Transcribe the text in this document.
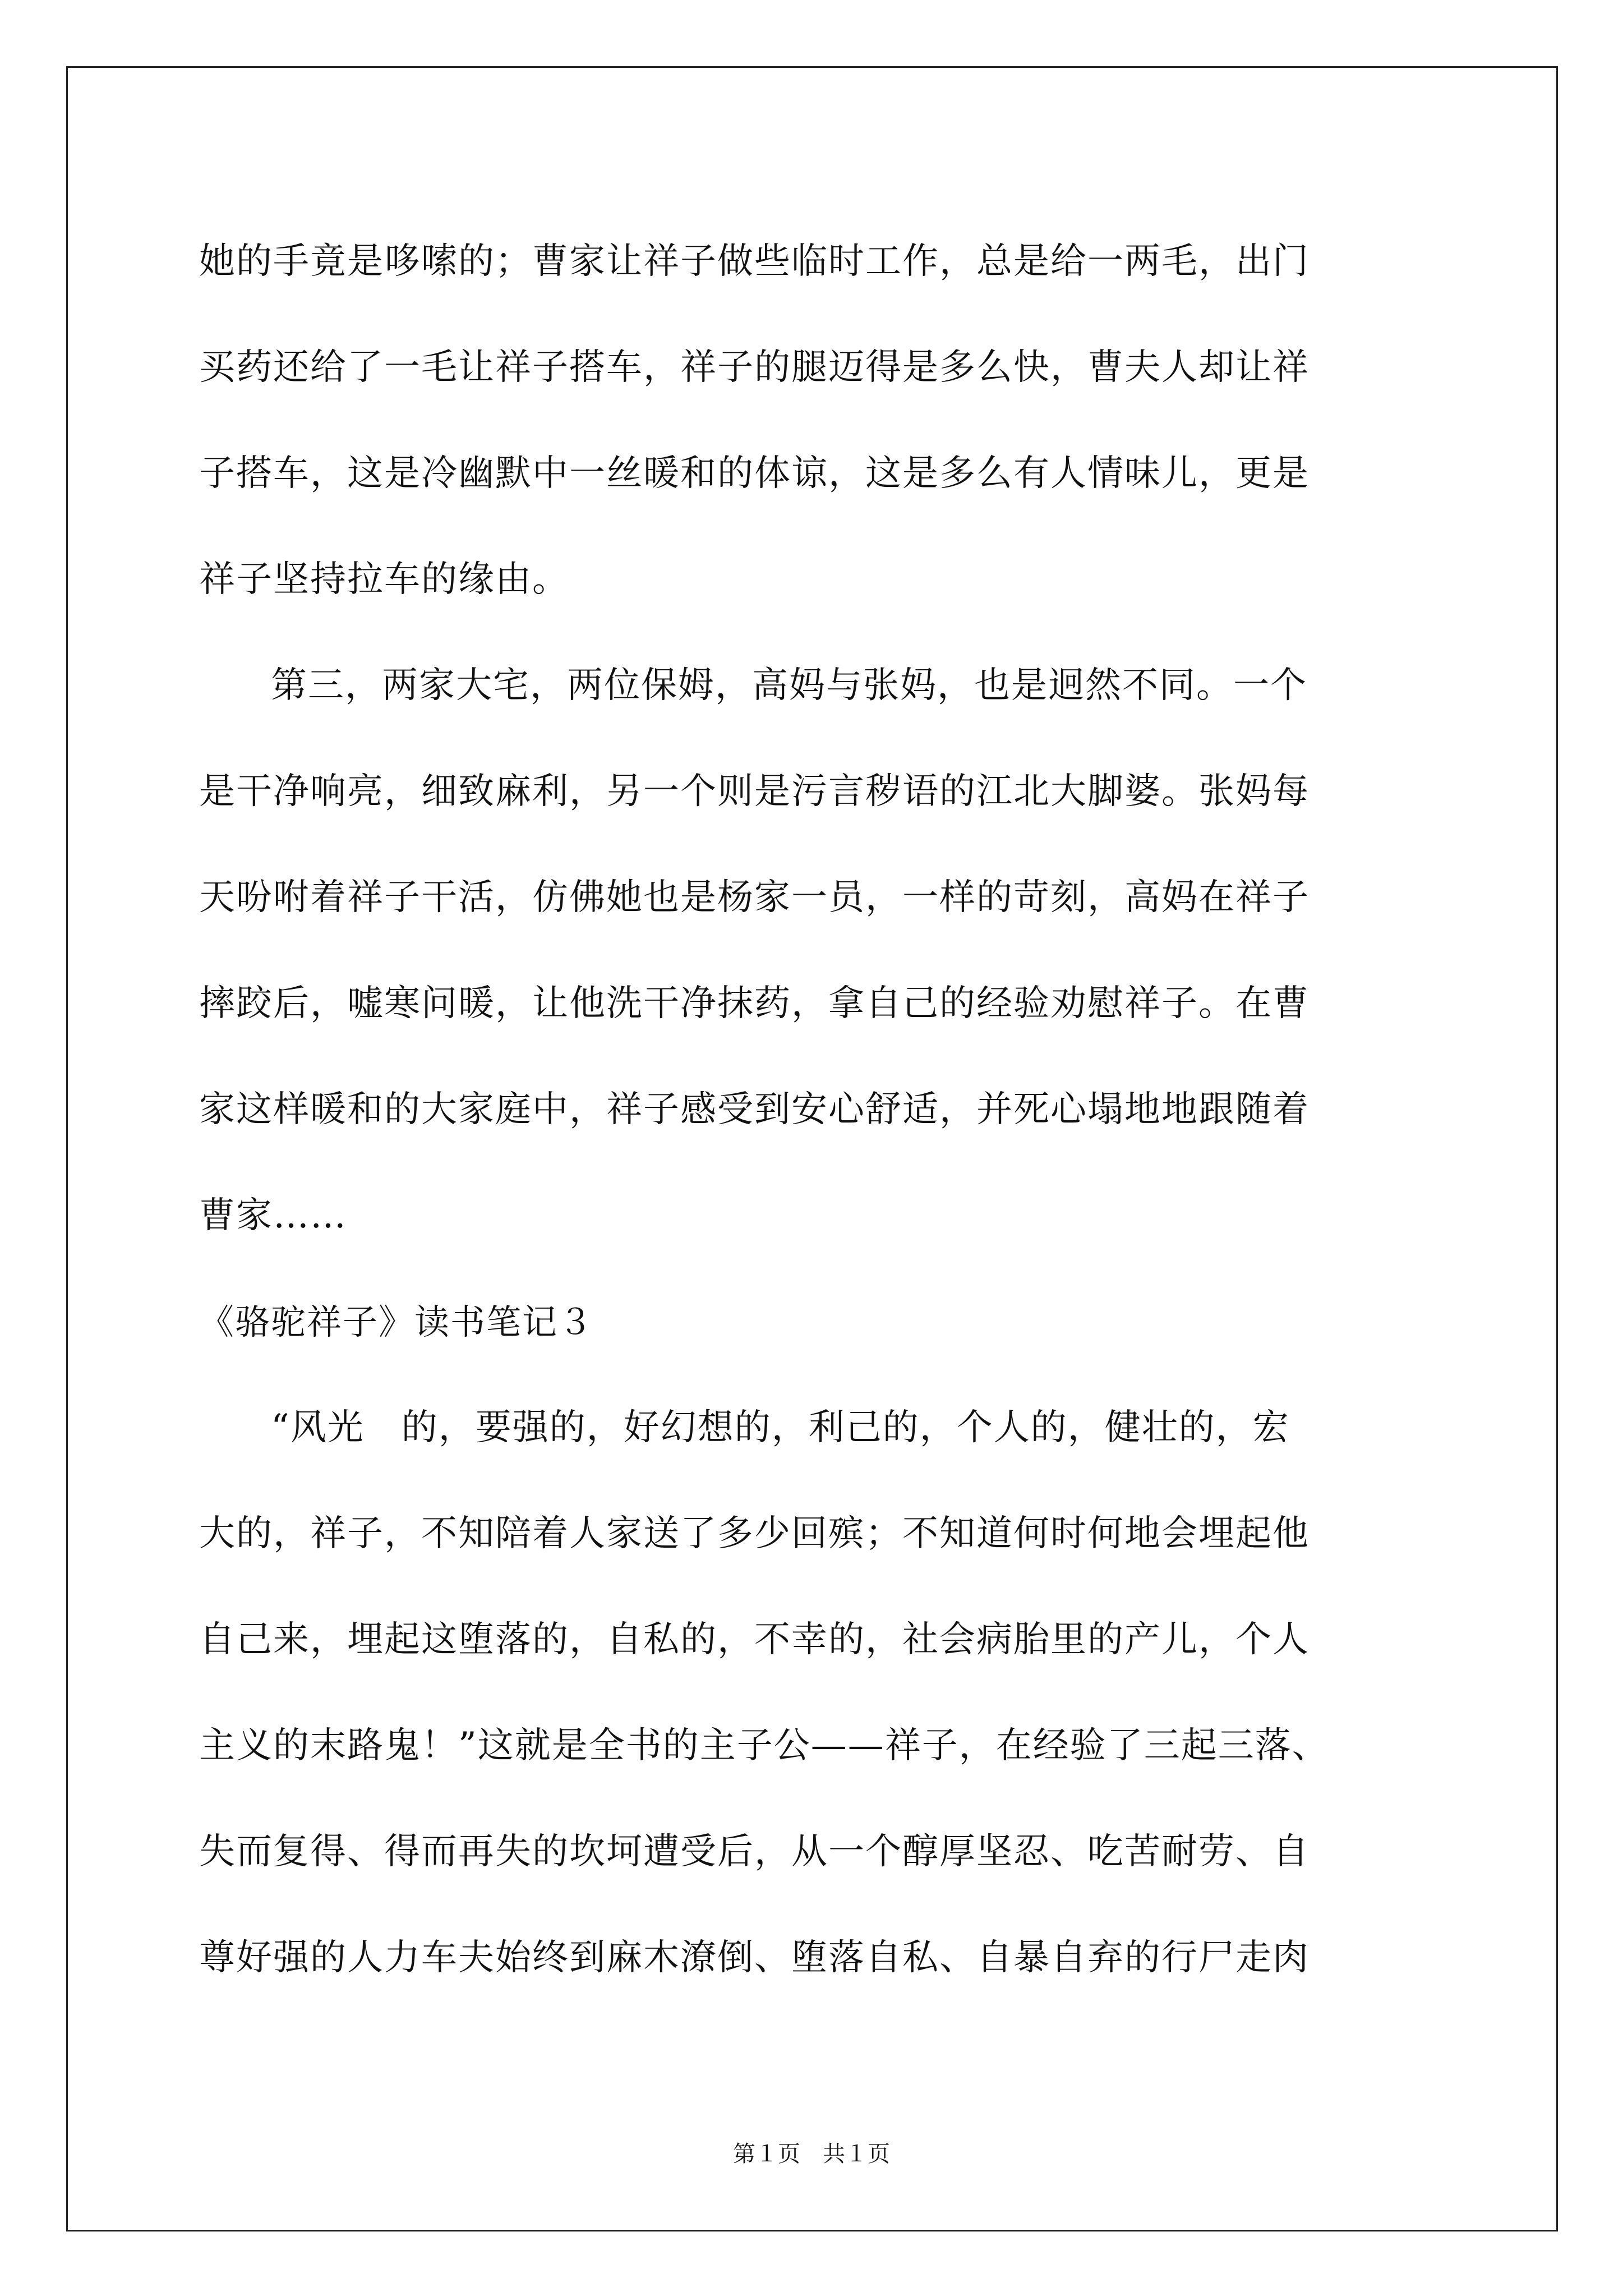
她的手竟是哆嗦的；曹家让祥子做些临时工作，总是给一两毛，出门
买药还给了一毛让祥子搭车，祥子的腿迈得是多么快，曹夫人却让祥
子搭车，这是冷幽默中一丝暖和的体谅，这是多么有人情味儿，更是
祥子坚持拉车的缘由。
第三，两家大宅，两位保姆，高妈与张妈，也是迥然不同。一个
是干净响亮，细致麻利，另一个则是污言秽语的江北大脚婆。张妈每
天吩咐着祥子干活，仿佛她也是杨家一员，一样的苛刻，高妈在祥子
摔跤后，嘘寒问暖，让他洗干净抹药，拿自己的经验劝慰祥子。在曹
家这样暖和的大家庭中，祥子感受到安心舒适，并死心塌地地跟随着
曹家……
《骆驼祥子》读书笔记３
“风光　的，要强的，好幻想的，利己的，个人的，健壮的，宏
大的，祥子，不知陪着人家送了多少回殡；不知道何时何地会埋起他
自己来，埋起这堕落的，自私的，不幸的，社会病胎里的产儿，个人
主义的末路鬼！”这就是全书的主子公——祥子，在经验了三起三落、
失而复得、得而再失的坎坷遭受后，从一个醇厚坚忍、吃苦耐劳、自
尊好强的人力车夫始终到麻木潦倒、堕落自私、自暴自弃的行尸走肉
第１页　共１页
